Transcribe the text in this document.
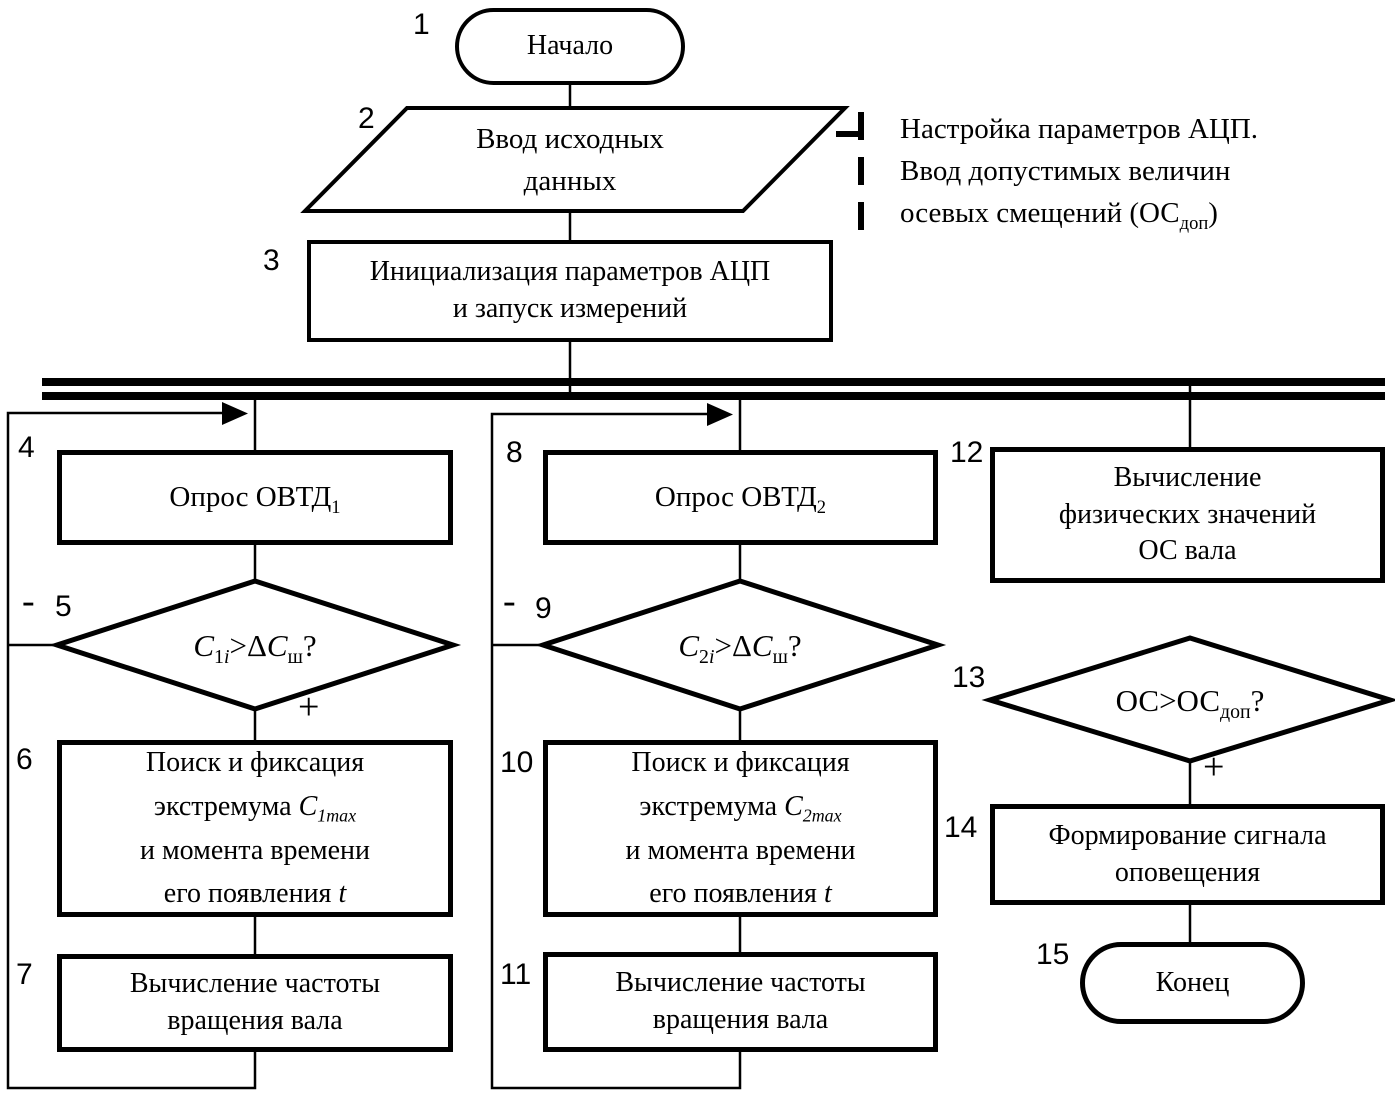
1
2
3
4
5
6
7
8
9
10
11
12
13
14
15
-	-
+
+
Начало
Ввод исходных
данных
Настройка параметров АЦП.
Ввод допустимых величин
осевых смещений $(ОС_{доп})$
Инициализация параметров АЦП
и запуск измерений
Опрос $ОВТД_1$	Опрос $ОВТД_2$
Вычисление
физических значений
ОС вала
$C_{1i}>\Delta C_ш$?	$C_{2i}>\Delta C_ш$?
$ОС>ОС_{доп}$?
Поиск и фиксация
экстремума $C_{1max}$
и момента времени
его появления t
Поиск и фиксация
экстремума $C_{2max}$
и момента времени
его появления t
Вычисление частоты
вращения вала
Вычисление частоты
вращения вала
Формирование сигнала
оповещения
Конец
